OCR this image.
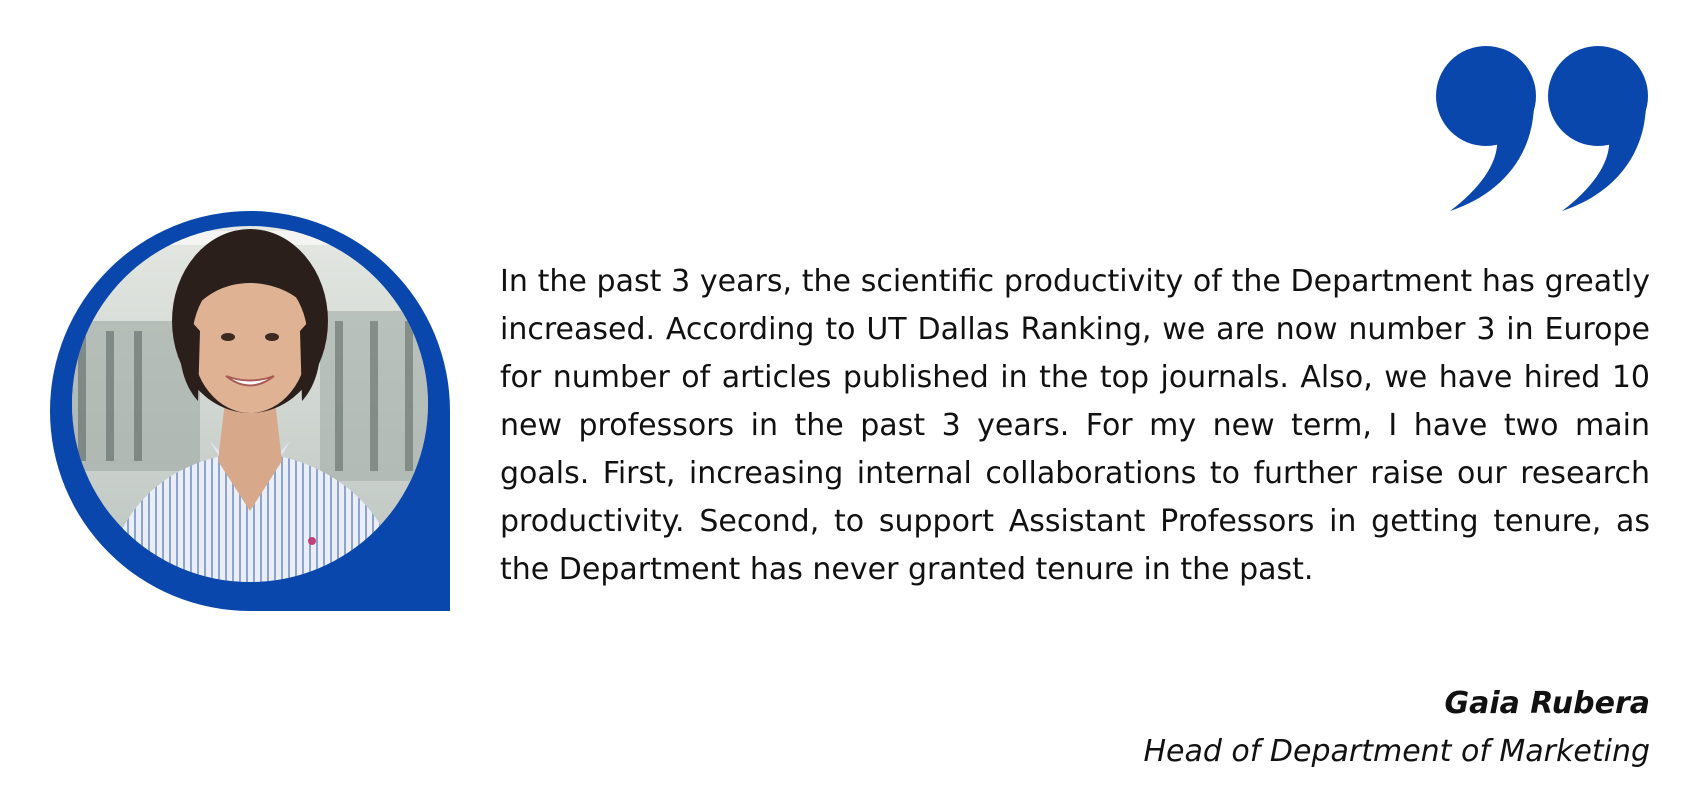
In the past 3 years, the scientific productivity of the Department has greatly increased. According to UT Dallas Ranking, we are now number 3 in Europe for number of articles published in the top journals. Also, we have hired 10 new professors in the past 3 years. For my new term, I have two main goals. First, increasing internal collaborations to further raise our research productivity. Second, to support Assistant Professors in getting tenure, as the Department has never granted tenure in the past.

Gaia Rubera

Head of Department of Marketing
